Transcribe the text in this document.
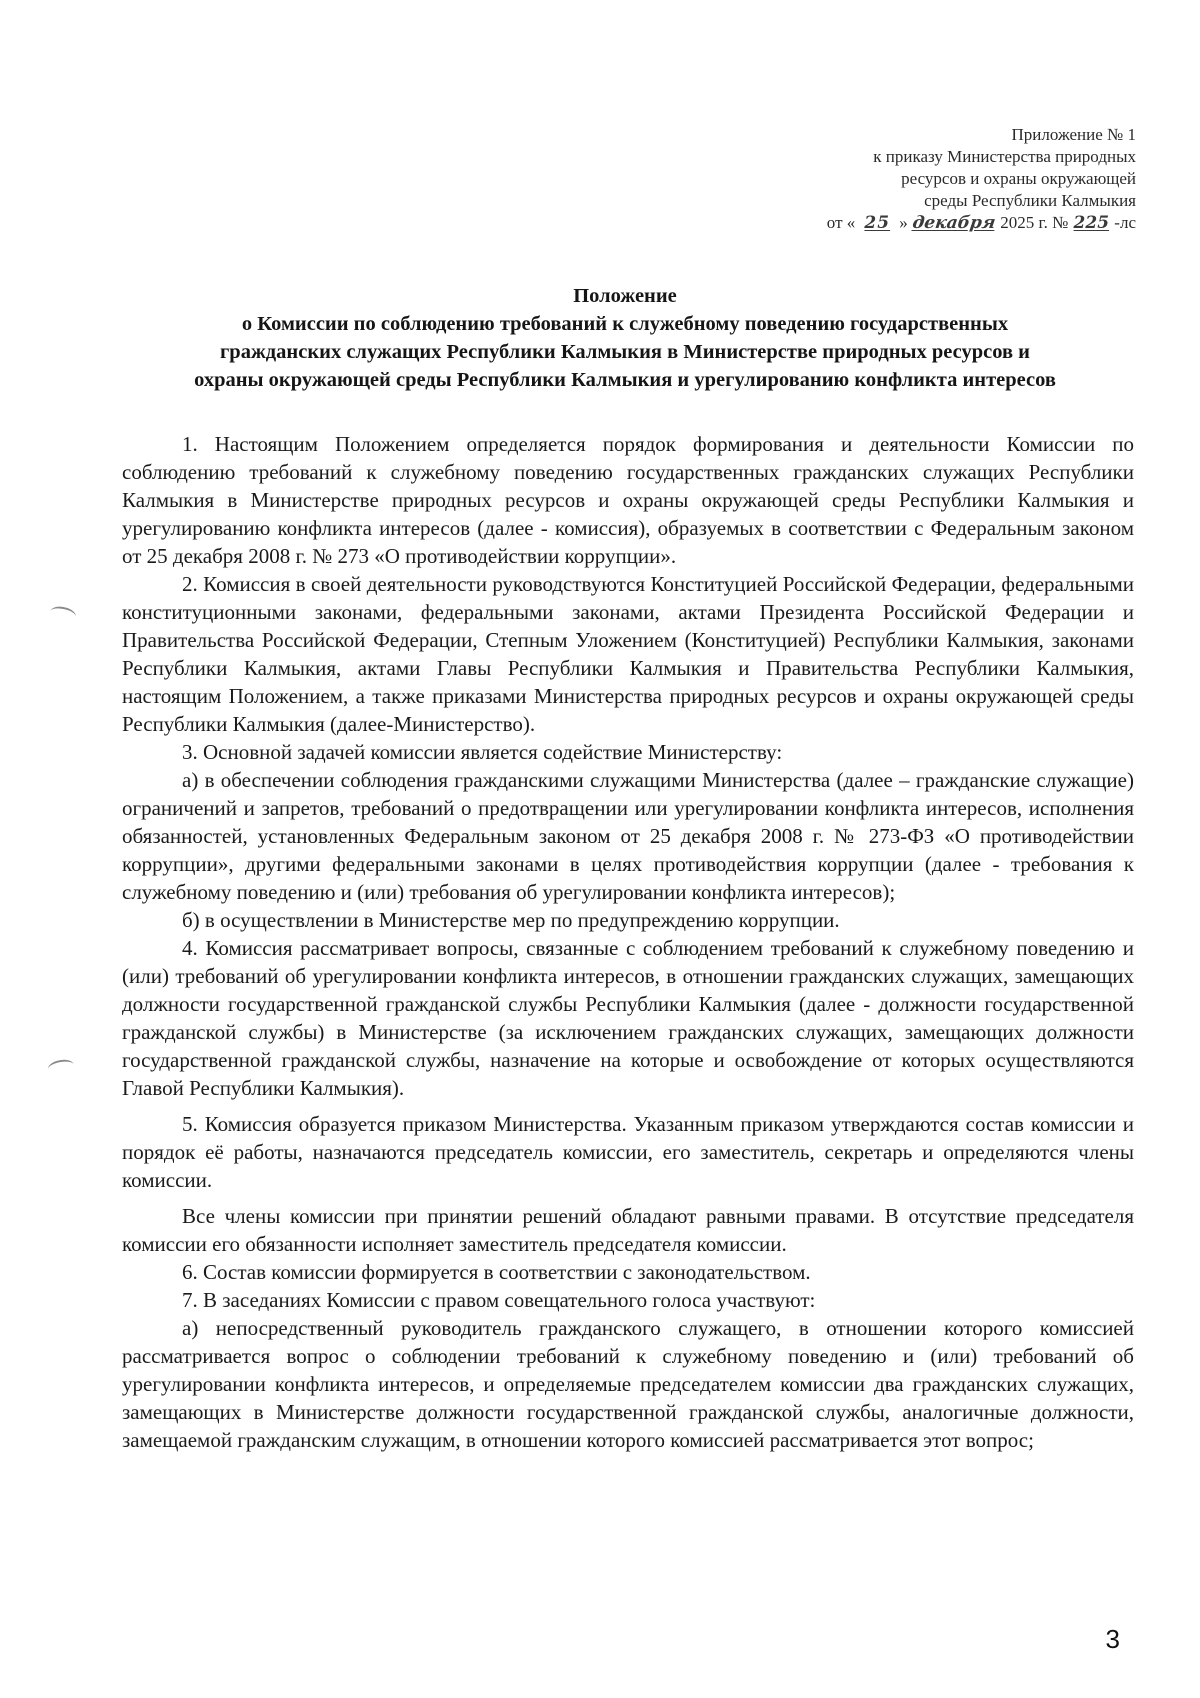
Приложение № 1
к приказу Министерства природных
ресурсов и охраны окружающей
среды Республики Калмыкия
от « 25 » декабря 2025 г. № 225 -лс
Положение
о Комиссии по соблюдению требований к служебному поведению государственных
гражданских служащих Республики Калмыкия в Министерстве природных ресурсов и
охраны окружающей среды Республики Калмыкия и урегулированию конфликта интересов

1. Настоящим Положением определяется порядок формирования и деятельности Комиссии по соблюдению требований к служебному поведению государственных гражданских служащих Республики Калмыкия в Министерстве природных ресурсов и охраны окружающей среды Республики Калмыкия и урегулированию конфликта интересов (далее - комиссия), образуемых в соответствии с Федеральным законом от 25 декабря 2008 г. № 273 «О противодействии коррупции».

2. Комиссия в своей деятельности руководствуются Конституцией Российской Федерации, федеральными конституционными законами, федеральными законами, актами Президента Российской Федерации и Правительства Российской Федерации, Степным Уложением (Конституцией) Республики Калмыкия, законами Республики Калмыкия, актами Главы Республики Калмыкия и Правительства Республики Калмыкия, настоящим Положением, а также приказами Министерства природных ресурсов и охраны окружающей среды Республики Калмыкия (далее-Министерство).

3. Основной задачей комиссии является содействие Министерству:

а) в обеспечении соблюдения гражданскими служащими Министерства (далее – гражданские служащие) ограничений и запретов, требований о предотвращении или урегулировании конфликта интересов, исполнения обязанностей, установленных Федеральным законом от 25 декабря 2008 г. № 273-ФЗ «О противодействии коррупции», другими федеральными законами в целях противодействия коррупции (далее - требования к служебному поведению и (или) требования об урегулировании конфликта интересов);

б) в осуществлении в Министерстве мер по предупреждению коррупции.

4. Комиссия рассматривает вопросы, связанные с соблюдением требований к служебному поведению и (или) требований об урегулировании конфликта интересов, в отношении гражданских служащих, замещающих должности государственной гражданской службы Республики Калмыкия (далее - должности государственной гражданской службы) в Министерстве (за исключением гражданских служащих, замещающих должности государственной гражданской службы, назначение на которые и освобождение от которых осуществляются Главой Республики Калмыкия).

5. Комиссия образуется приказом Министерства. Указанным приказом утверждаются состав комиссии и порядок её работы, назначаются председатель комиссии, его заместитель, секретарь и определяются члены комиссии.

Все члены комиссии при принятии решений обладают равными правами. В отсутствие председателя комиссии его обязанности исполняет заместитель председателя комиссии.

6. Состав комиссии формируется в соответствии с законодательством.

7. В заседаниях Комиссии с правом совещательного голоса участвуют:

а) непосредственный руководитель гражданского служащего, в отношении которого комиссией рассматривается вопрос о соблюдении требований к служебному поведению и (или) требований об урегулировании конфликта интересов, и определяемые председателем комиссии два гражданских служащих, замещающих в Министерстве должности государственной гражданской службы, аналогичные должности, замещаемой гражданским служащим, в отношении которого комиссией рассматривается этот вопрос;

3
